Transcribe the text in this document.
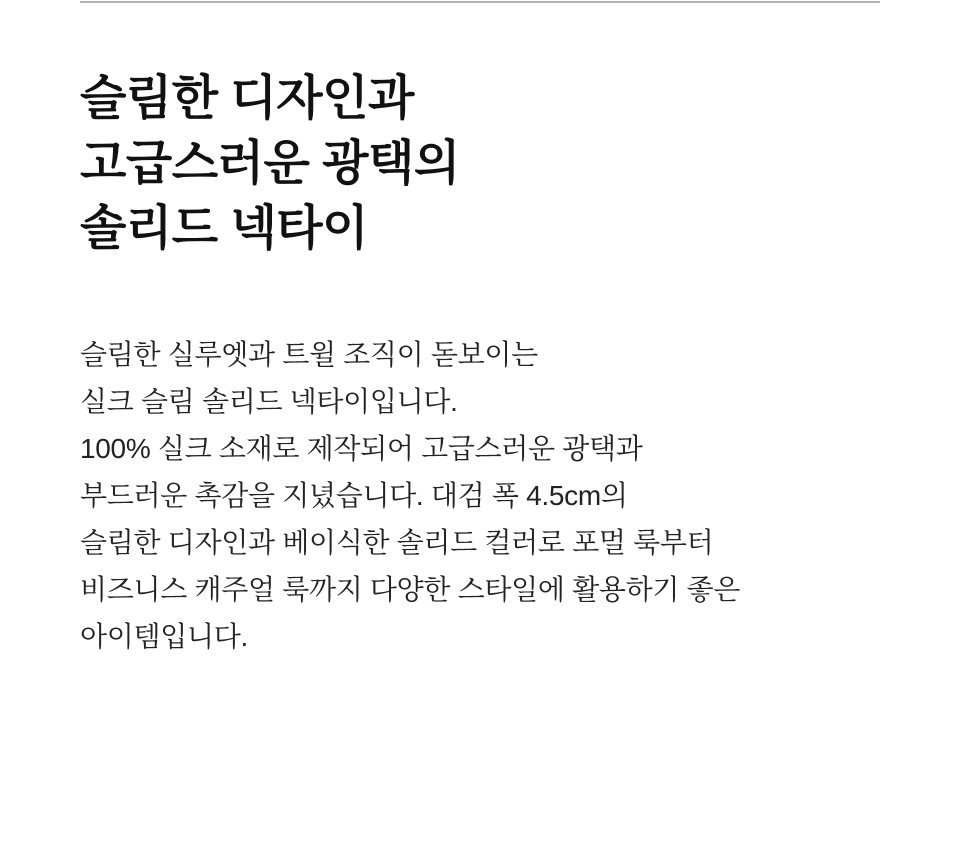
슬림한 디자인과
고급스러운 광택의
솔리드 넥타이

슬림한 실루엣과 트윌 조직이 돋보이는
실크 슬림 솔리드 넥타이입니다.
100% 실크 소재로 제작되어 고급스러운 광택과
부드러운 촉감을 지녔습니다. 대검 폭 4.5cm의
슬림한 디자인과 베이식한 솔리드 컬러로 포멀 룩부터
비즈니스 캐주얼 룩까지 다양한 스타일에 활용하기 좋은
아이템입니다.
